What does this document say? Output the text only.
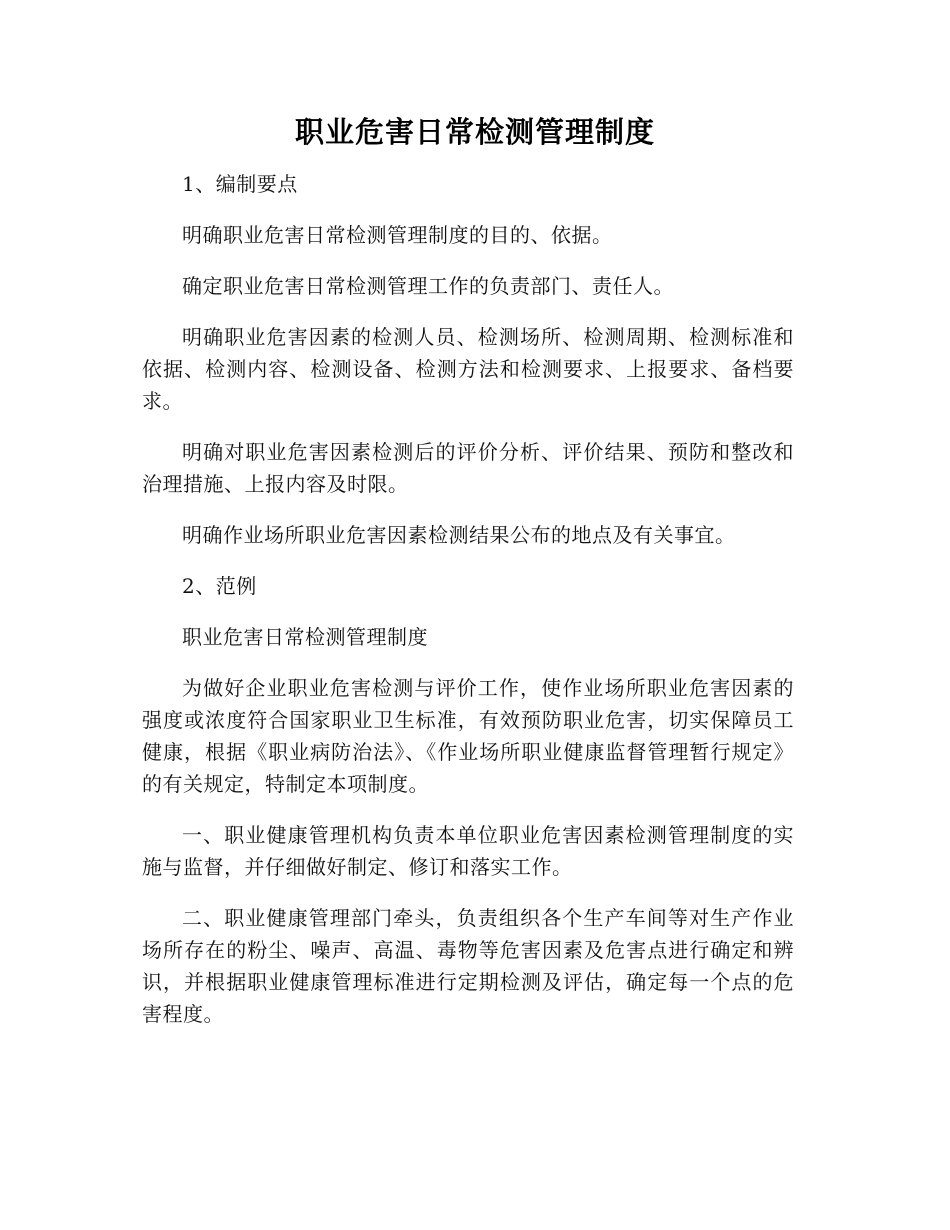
职业危害日常检测管理制度

1、编制要点

明确职业危害日常检测管理制度的目的、依据。

确定职业危害日常检测管理工作的负责部门、责任人。

明确职业危害因素的检测人员、检测场所、检测周期、检测标准和依据、检测内容、检测设备、检测方法和检测要求、上报要求、备档要求。

明确对职业危害因素检测后的评价分析、评价结果、预防和整改和治理措施、上报内容及时限。

明确作业场所职业危害因素检测结果公布的地点及有关事宜。

2、范例

职业危害日常检测管理制度

为做好企业职业危害检测与评价工作，使作业场所职业危害因素的强度或浓度符合国家职业卫生标准，有效预防职业危害，切实保障员工健康，根据《职业病防治法》、《作业场所职业健康监督管理暂行规定》的有关规定，特制定本项制度。

一、职业健康管理机构负责本单位职业危害因素检测管理制度的实施与监督，并仔细做好制定、修订和落实工作。

二、职业健康管理部门牵头，负责组织各个生产车间等对生产作业场所存在的粉尘、噪声、高温、毒物等危害因素及危害点进行确定和辨识，并根据职业健康管理标准进行定期检测及评估，确定每一个点的危害程度。
